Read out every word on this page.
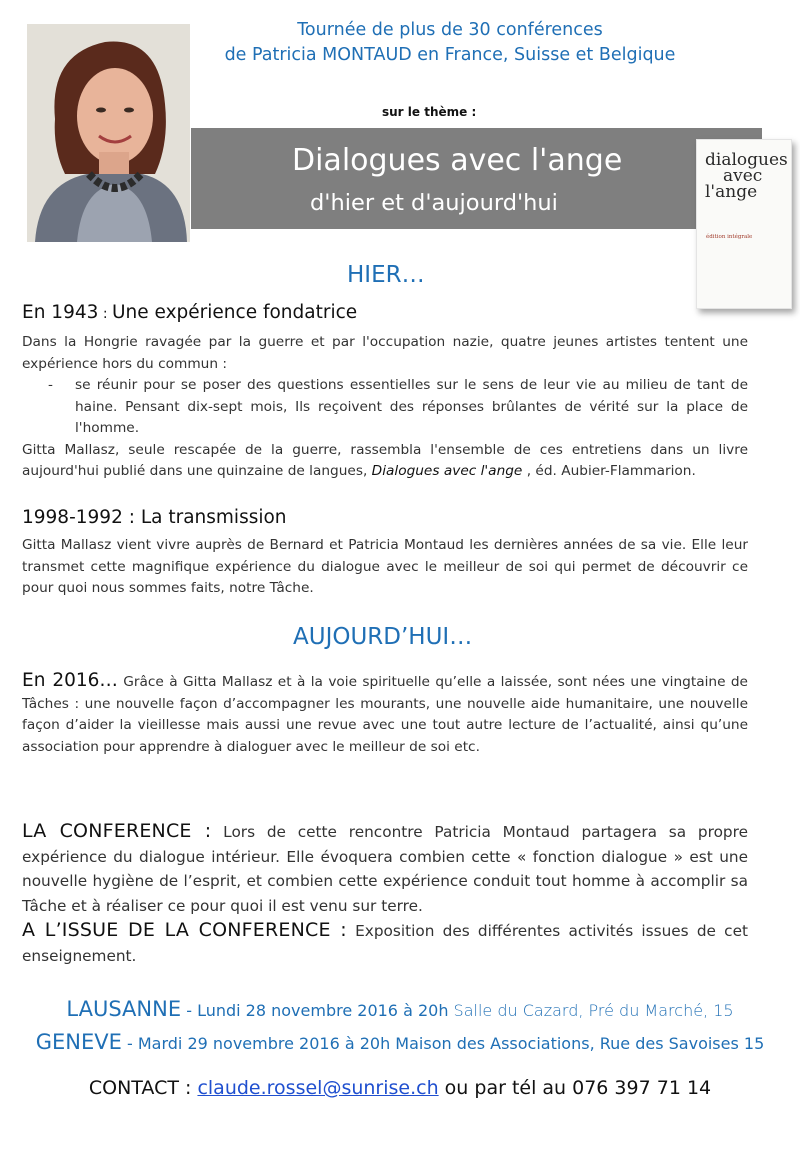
Tournée de plus de 30 conférences
de Patricia MONTAUD en France, Suisse et Belgique
sur le thème :
Dialogues avec l'ange
d'hier et d'aujourd'hui
dialogues
avec
l'ange
édition intégrale
HIER…
En 1943 : Une expérience fondatrice

Dans la Hongrie ravagée par la guerre et par l'occupation nazie, quatre jeunes artistes tentent une expérience hors du commun :

- se réunir pour se poser des questions essentielles sur le sens de leur vie au milieu de tant de haine. Pensant dix-sept mois, Ils reçoivent des réponses brûlantes de vérité sur la place de l'homme.

Gitta Mallasz, seule rescapée de la guerre, rassembla l'ensemble de ces entretiens dans un livre aujourd'hui publié dans une quinzaine de langues, Dialogues avec l'ange , éd. Aubier-Flammarion.

1998-1992 : La transmission

Gitta Mallasz vient vivre auprès de Bernard et Patricia Montaud les dernières années de sa vie. Elle leur transmet cette magnifique expérience du dialogue avec le meilleur de soi qui permet de découvrir ce pour quoi nous sommes faits, notre Tâche.

AUJOURD’HUI…

En 2016… Grâce à Gitta Mallasz et à la voie spirituelle qu’elle a laissée, sont nées une vingtaine de Tâches : une nouvelle façon d’accompagner les mourants, une nouvelle aide humanitaire, une nouvelle façon d’aider la vieillesse mais aussi une revue avec une tout autre lecture de l’actualité, ainsi qu’une association pour apprendre à dialoguer avec le meilleur de soi etc.

LA CONFERENCE : Lors de cette rencontre Patricia Montaud partagera sa propre expérience du dialogue intérieur. Elle évoquera combien cette « fonction dialogue » est une nouvelle hygiène de l’esprit, et combien cette expérience conduit tout homme à accomplir sa Tâche et à réaliser ce pour quoi il est venu sur terre.

A L’ISSUE DE LA CONFERENCE : Exposition des différentes activités issues de cet enseignement.

LAUSANNE - Lundi 28 novembre 2016 à 20h Salle du Cazard, Pré du Marché, 15
GENEVE - Mardi 29 novembre 2016 à 20h Maison des Associations, Rue des Savoises 15
CONTACT : claude.rossel@sunrise.ch ou par tél au 076 397 71 14
